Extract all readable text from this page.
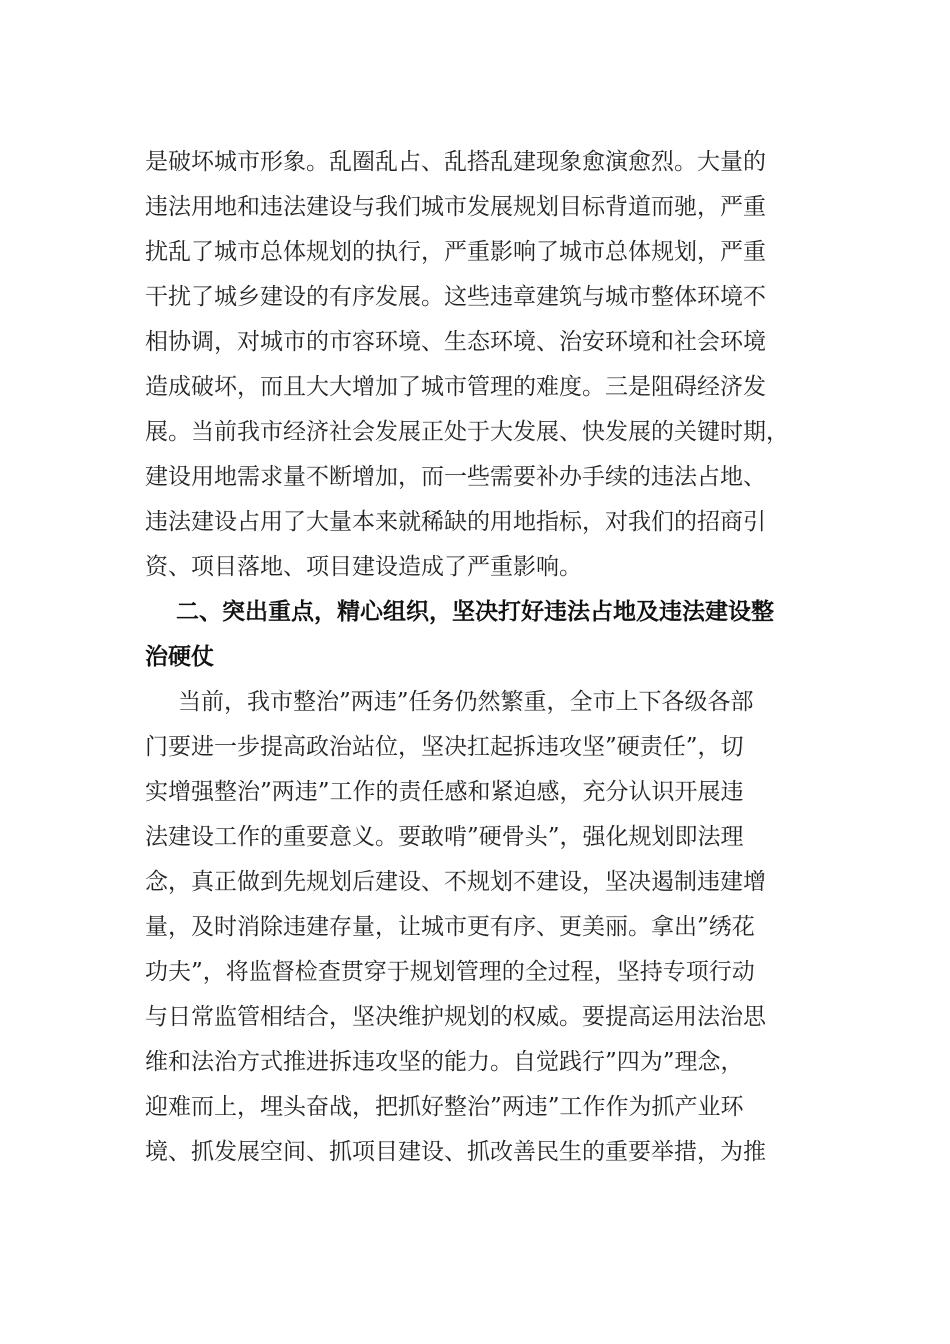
是破坏城市形象。乱圈乱占、乱搭乱建现象愈演愈烈。大量的
违法用地和违法建设与我们城市发展规划目标背道而驰，严重
扰乱了城市总体规划的执行，严重影响了城市总体规划，严重
干扰了城乡建设的有序发展。这些违章建筑与城市整体环境不
相协调，对城市的市容环境、生态环境、治安环境和社会环境
造成破坏，而且大大增加了城市管理的难度。三是阻碍经济发
展。当前我市经济社会发展正处于大发展、快发展的关键时期，
建设用地需求量不断增加，而一些需要补办手续的违法占地、
违法建设占用了大量本来就稀缺的用地指标，对我们的招商引
资、项目落地、项目建设造成了严重影响。
二、突出重点，精心组织，坚决打好违法占地及违法建设整
治硬仗
当前，我市整治”两违”任务仍然繁重，全市上下各级各部
门要进一步提高政治站位，坚决扛起拆违攻坚”硬责任”，切
实增强整治”两违”工作的责任感和紧迫感，充分认识开展违
法建设工作的重要意义。要敢啃”硬骨头”，强化规划即法理
念，真正做到先规划后建设、不规划不建设，坚决遏制违建增
量，及时消除违建存量，让城市更有序、更美丽。拿出”绣花
功夫”，将监督检查贯穿于规划管理的全过程，坚持专项行动
与日常监管相结合，坚决维护规划的权威。要提高运用法治思
维和法治方式推进拆违攻坚的能力。自觉践行”四为”理念，
迎难而上，埋头奋战，把抓好整治”两违”工作作为抓产业环
境、抓发展空间、抓项目建设、抓改善民生的重要举措，为推
